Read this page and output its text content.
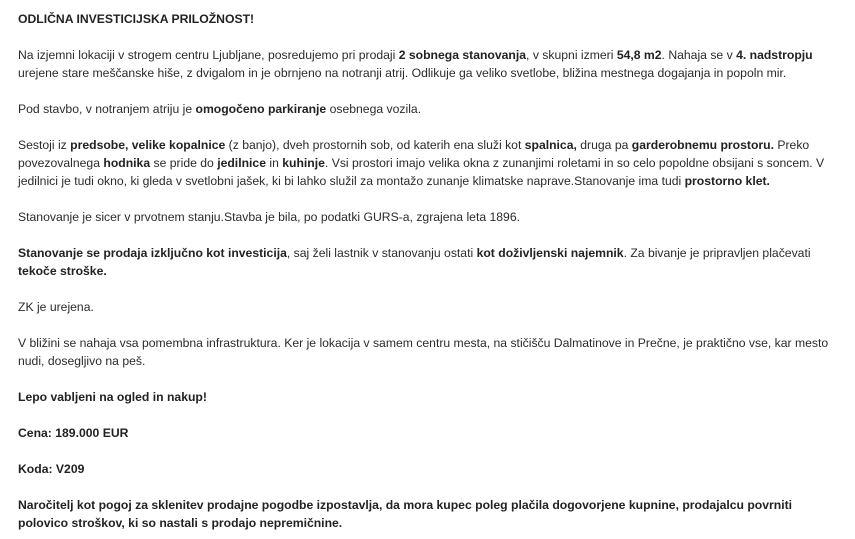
ODLIČNA INVESTICIJSKA PRILOŽNOST!
Na izjemni lokaciji v strogem centru Ljubljane, posredujemo pri prodaji 2 sobnega stanovanja, v skupni izmeri 54,8 m2. Nahaja se v 4. nadstropju urejene stare meščanske hiše, z dvigalom in je obrnjeno na notranji atrij. Odlikuje ga veliko svetlobe, bližina mestnega dogajanja in popoln mir.
Pod stavbo, v notranjem atriju je omogočeno parkiranje osebnega vozila.
Sestoji iz predsobe, velike kopalnice (z banjo), dveh prostornih sob, od katerih ena služi kot spalnica, druga pa garderobnemu prostoru. Preko povezovalnega hodnika se pride do jedilnice in kuhinje. Vsi prostori imajo velika okna z zunanjimi roletami in so celo popoldne obsijani s soncem. V jedilnici je tudi okno, ki gleda v svetlobni jašek, ki bi lahko služil za montažo zunanje klimatske naprave.Stanovanje ima tudi prostorno klet.
Stanovanje je sicer v prvotnem stanju.Stavba je bila, po podatki GURS-a, zgrajena leta 1896.
Stanovanje se prodaja izključno kot investicija, saj želi lastnik v stanovanju ostati kot doživljenski najemnik. Za bivanje je pripravljen plačevati tekoče stroške.
ZK je urejena.
V bližini se nahaja vsa pomembna infrastruktura. Ker je lokacija v samem centru mesta, na stičišču Dalmatinove in Prečne, je praktično vse, kar mesto nudi, dosegljivo na peš.
Lepo vabljeni na ogled in nakup!
Cena: 189.000 EUR
Koda: V209
Naročitelj kot pogoj za sklenitev prodajne pogodbe izpostavlja, da mora kupec poleg plačila dogovorjene kupnine, prodajalcu povrniti polovico stroškov, ki so nastali s prodajo nepremičnine.
